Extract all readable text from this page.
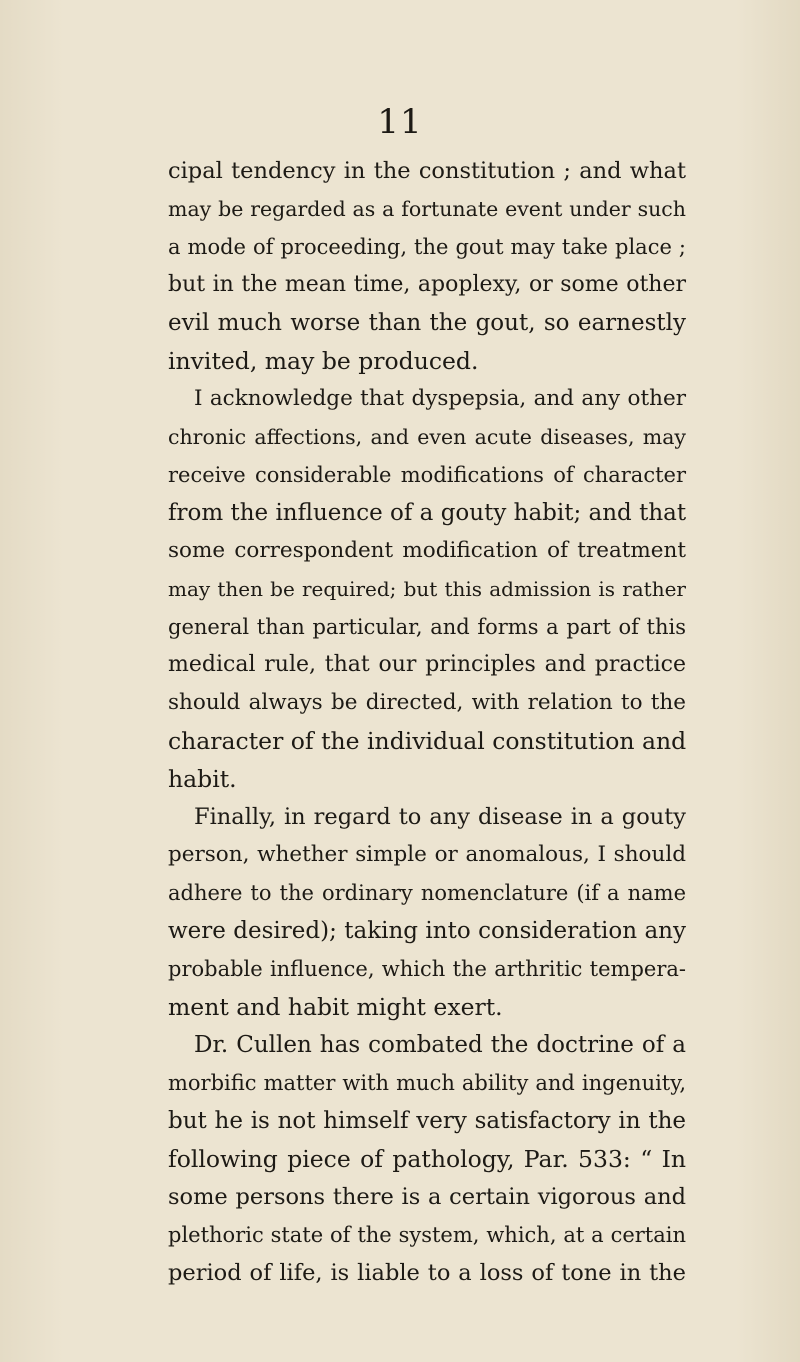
11
cipal tendency in the constitution ; and what
may be regarded as a fortunate event under such
a mode of proceeding, the gout may take place ;
but in the mean time, apoplexy, or some other
evil much worse than the gout, so earnestly
invited, may be produced.
I acknowledge that dyspepsia, and any other
chronic affections, and even acute diseases, may
receive considerable modifications of character
from the influence of a gouty habit; and that
some correspondent modification of treatment
may then be required; but this admission is rather
general than particular, and forms a part of this
medical rule, that our principles and practice
should always be directed, with relation to the
character of the individual constitution and
habit.
Finally, in regard to any disease in a gouty
person, whether simple or anomalous, I should
adhere to the ordinary nomenclature (if a name
were desired); taking into consideration any
probable influence, which the arthritic tempera-
ment and habit might exert.
Dr. Cullen has combated the doctrine of a
morbific matter with much ability and ingenuity,
but he is not himself very satisfactory in the
following piece of pathology, Par. 533: “ In
some persons there is a certain vigorous and
plethoric state of the system, which, at a certain
period of life, is liable to a loss of tone in the
